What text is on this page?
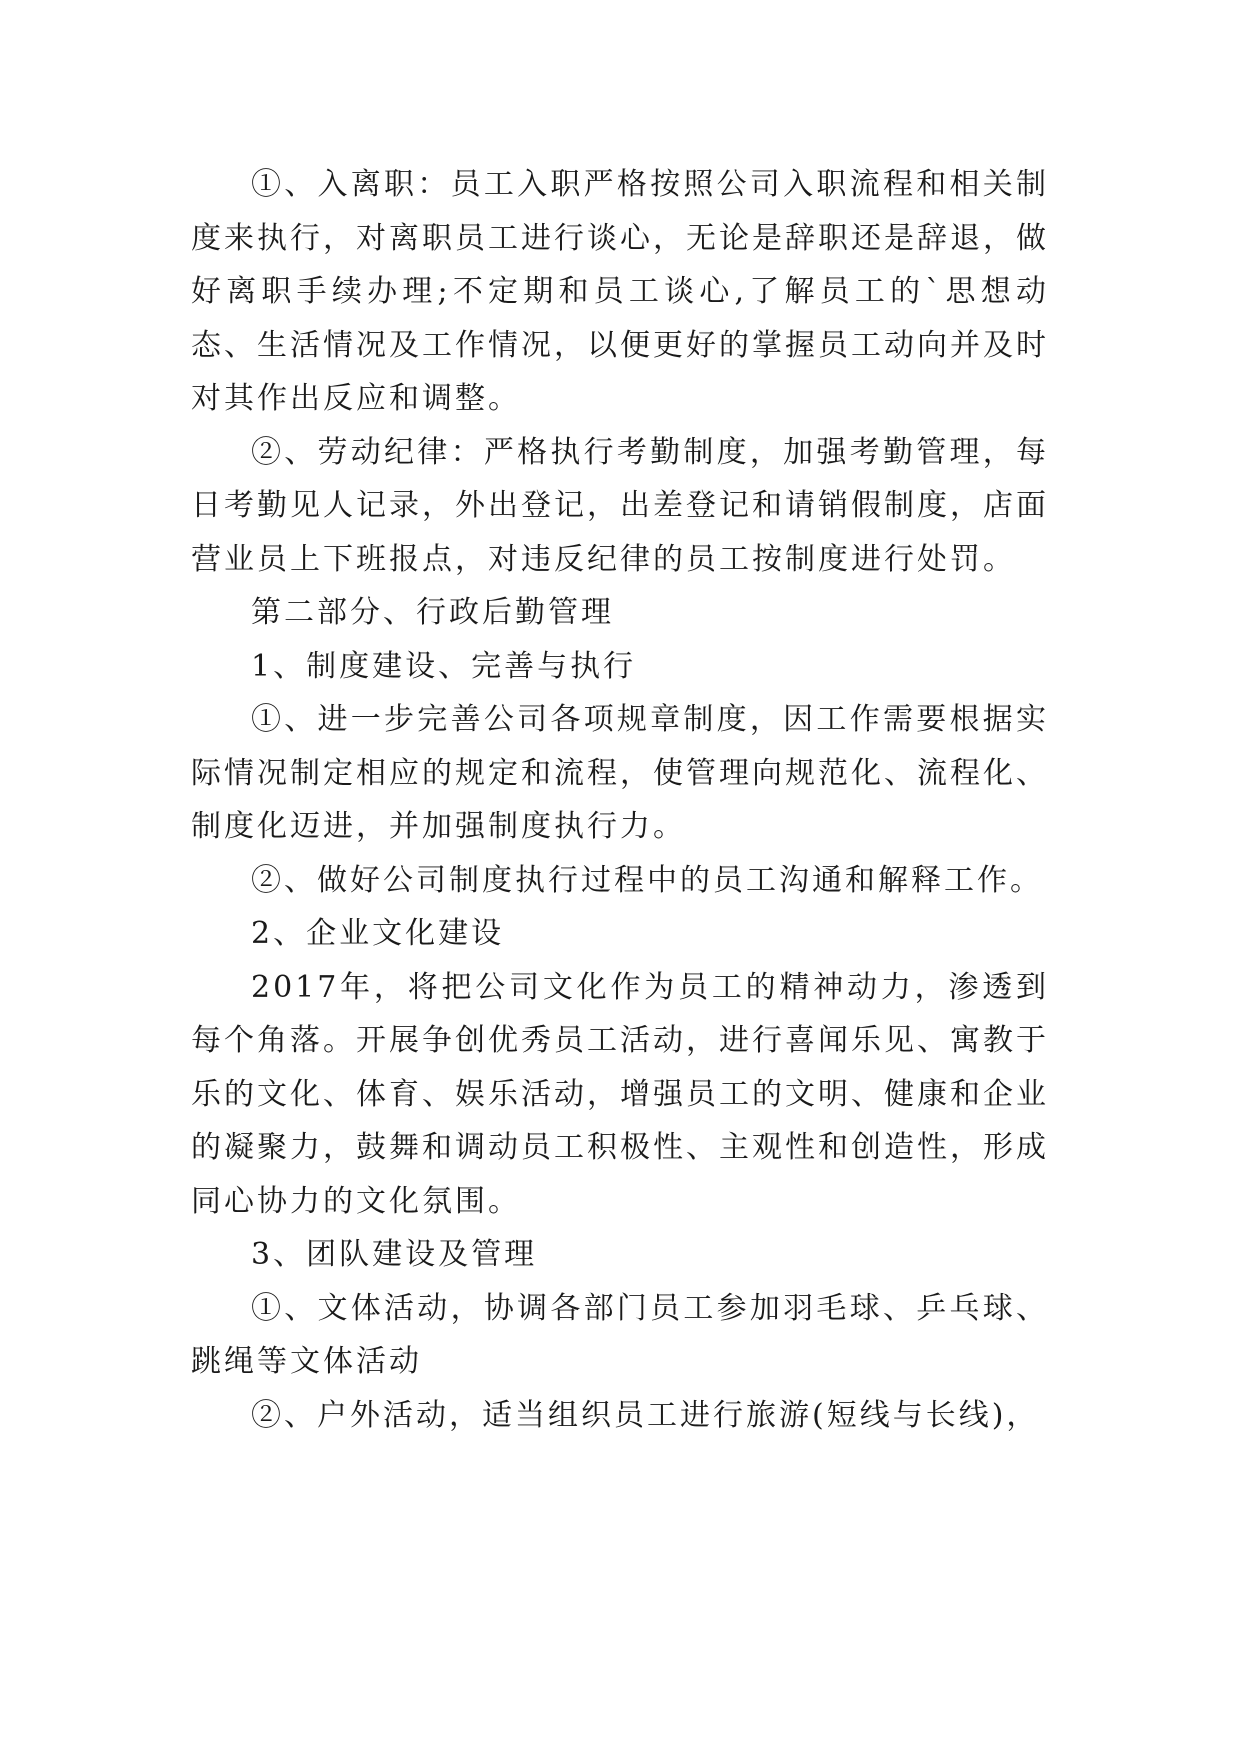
①、入离职：员工入职严格按照公司入职流程和相关制度来执行，对离职员工进行谈心，无论是辞职还是辞退，做好离职手续办理;不定期和员工谈心,了解员工的`思想动态、生活情况及工作情况，以便更好的掌握员工动向并及时对其作出反应和调整。

②、劳动纪律：严格执行考勤制度，加强考勤管理，每日考勤见人记录，外出登记，出差登记和请销假制度，店面营业员上下班报点，对违反纪律的员工按制度进行处罚。

第二部分、行政后勤管理

1、制度建设、完善与执行

①、进一步完善公司各项规章制度，因工作需要根据实际情况制定相应的规定和流程，使管理向规范化、流程化、制度化迈进，并加强制度执行力。

②、做好公司制度执行过程中的员工沟通和解释工作。

2、企业文化建设

2017年，将把公司文化作为员工的精神动力，渗透到每个角落。开展争创优秀员工活动，进行喜闻乐见、寓教于乐的文化、体育、娱乐活动，增强员工的文明、健康和企业的凝聚力，鼓舞和调动员工积极性、主观性和创造性，形成同心协力的文化氛围。

3、团队建设及管理

①、文体活动，协调各部门员工参加羽毛球、乒乓球、跳绳等文体活动

②、户外活动，适当组织员工进行旅游(短线与长线)，
